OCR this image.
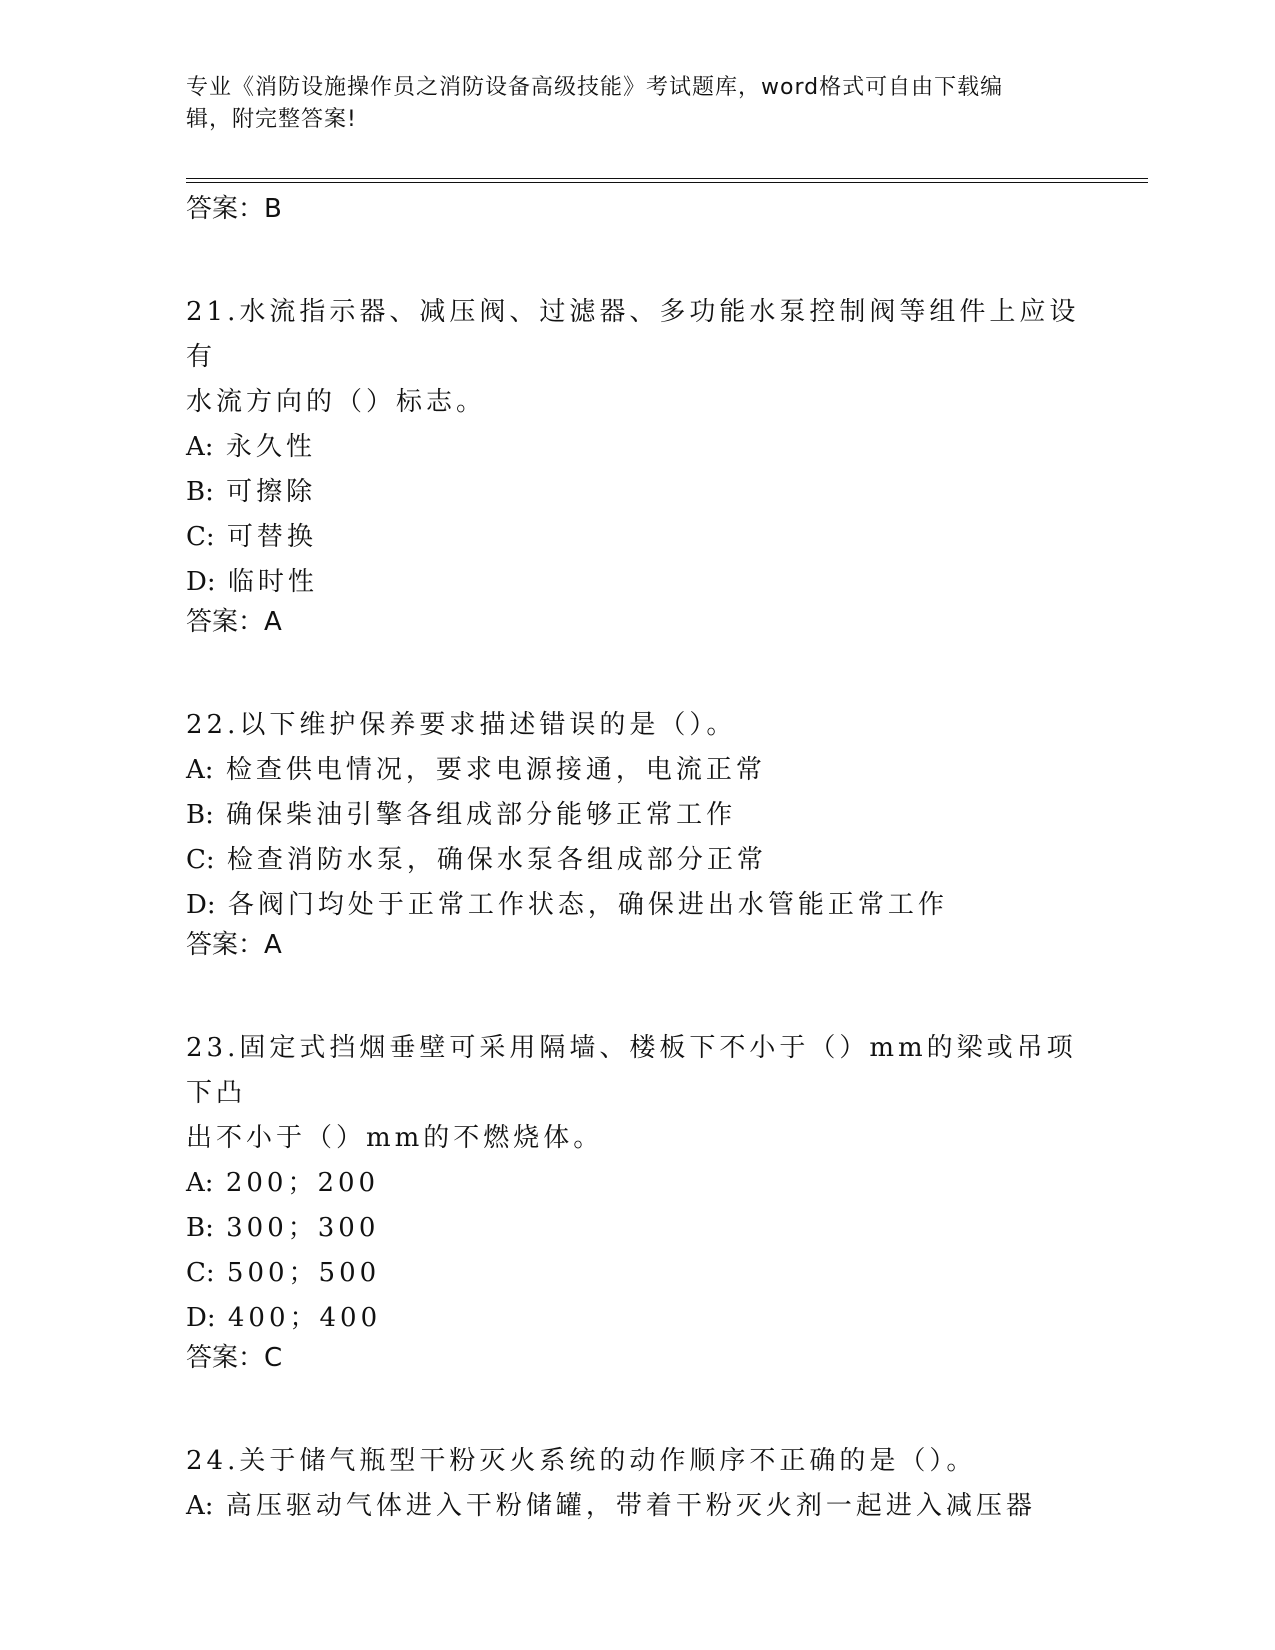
专业《消防设施操作员之消防设备高级技能》考试题库，word格式可自由下载编
辑，附完整答案!
答案：B
21.水流指示器、减压阀、过滤器、多功能水泵控制阀等组件上应设有
水流方向的（）标志。
A: 永久性
B: 可擦除
C: 可替换
D: 临时性
答案：A
22.以下维护保养要求描述错误的是（）。
A: 检查供电情况，要求电源接通，电流正常
B: 确保柴油引擎各组成部分能够正常工作
C: 检查消防水泵，确保水泵各组成部分正常
D: 各阀门均处于正常工作状态，确保进出水管能正常工作
答案：A
23.固定式挡烟垂壁可采用隔墙、楼板下不小于（）mm的梁或吊项下凸
出不小于（）mm的不燃烧体。
A: 200；200
B: 300；300
C: 500；500
D: 400；400
答案：C
24.关于储气瓶型干粉灭火系统的动作顺序不正确的是（）。
A: 高压驱动气体进入干粉储罐，带着干粉灭火剂一起进入减压器
